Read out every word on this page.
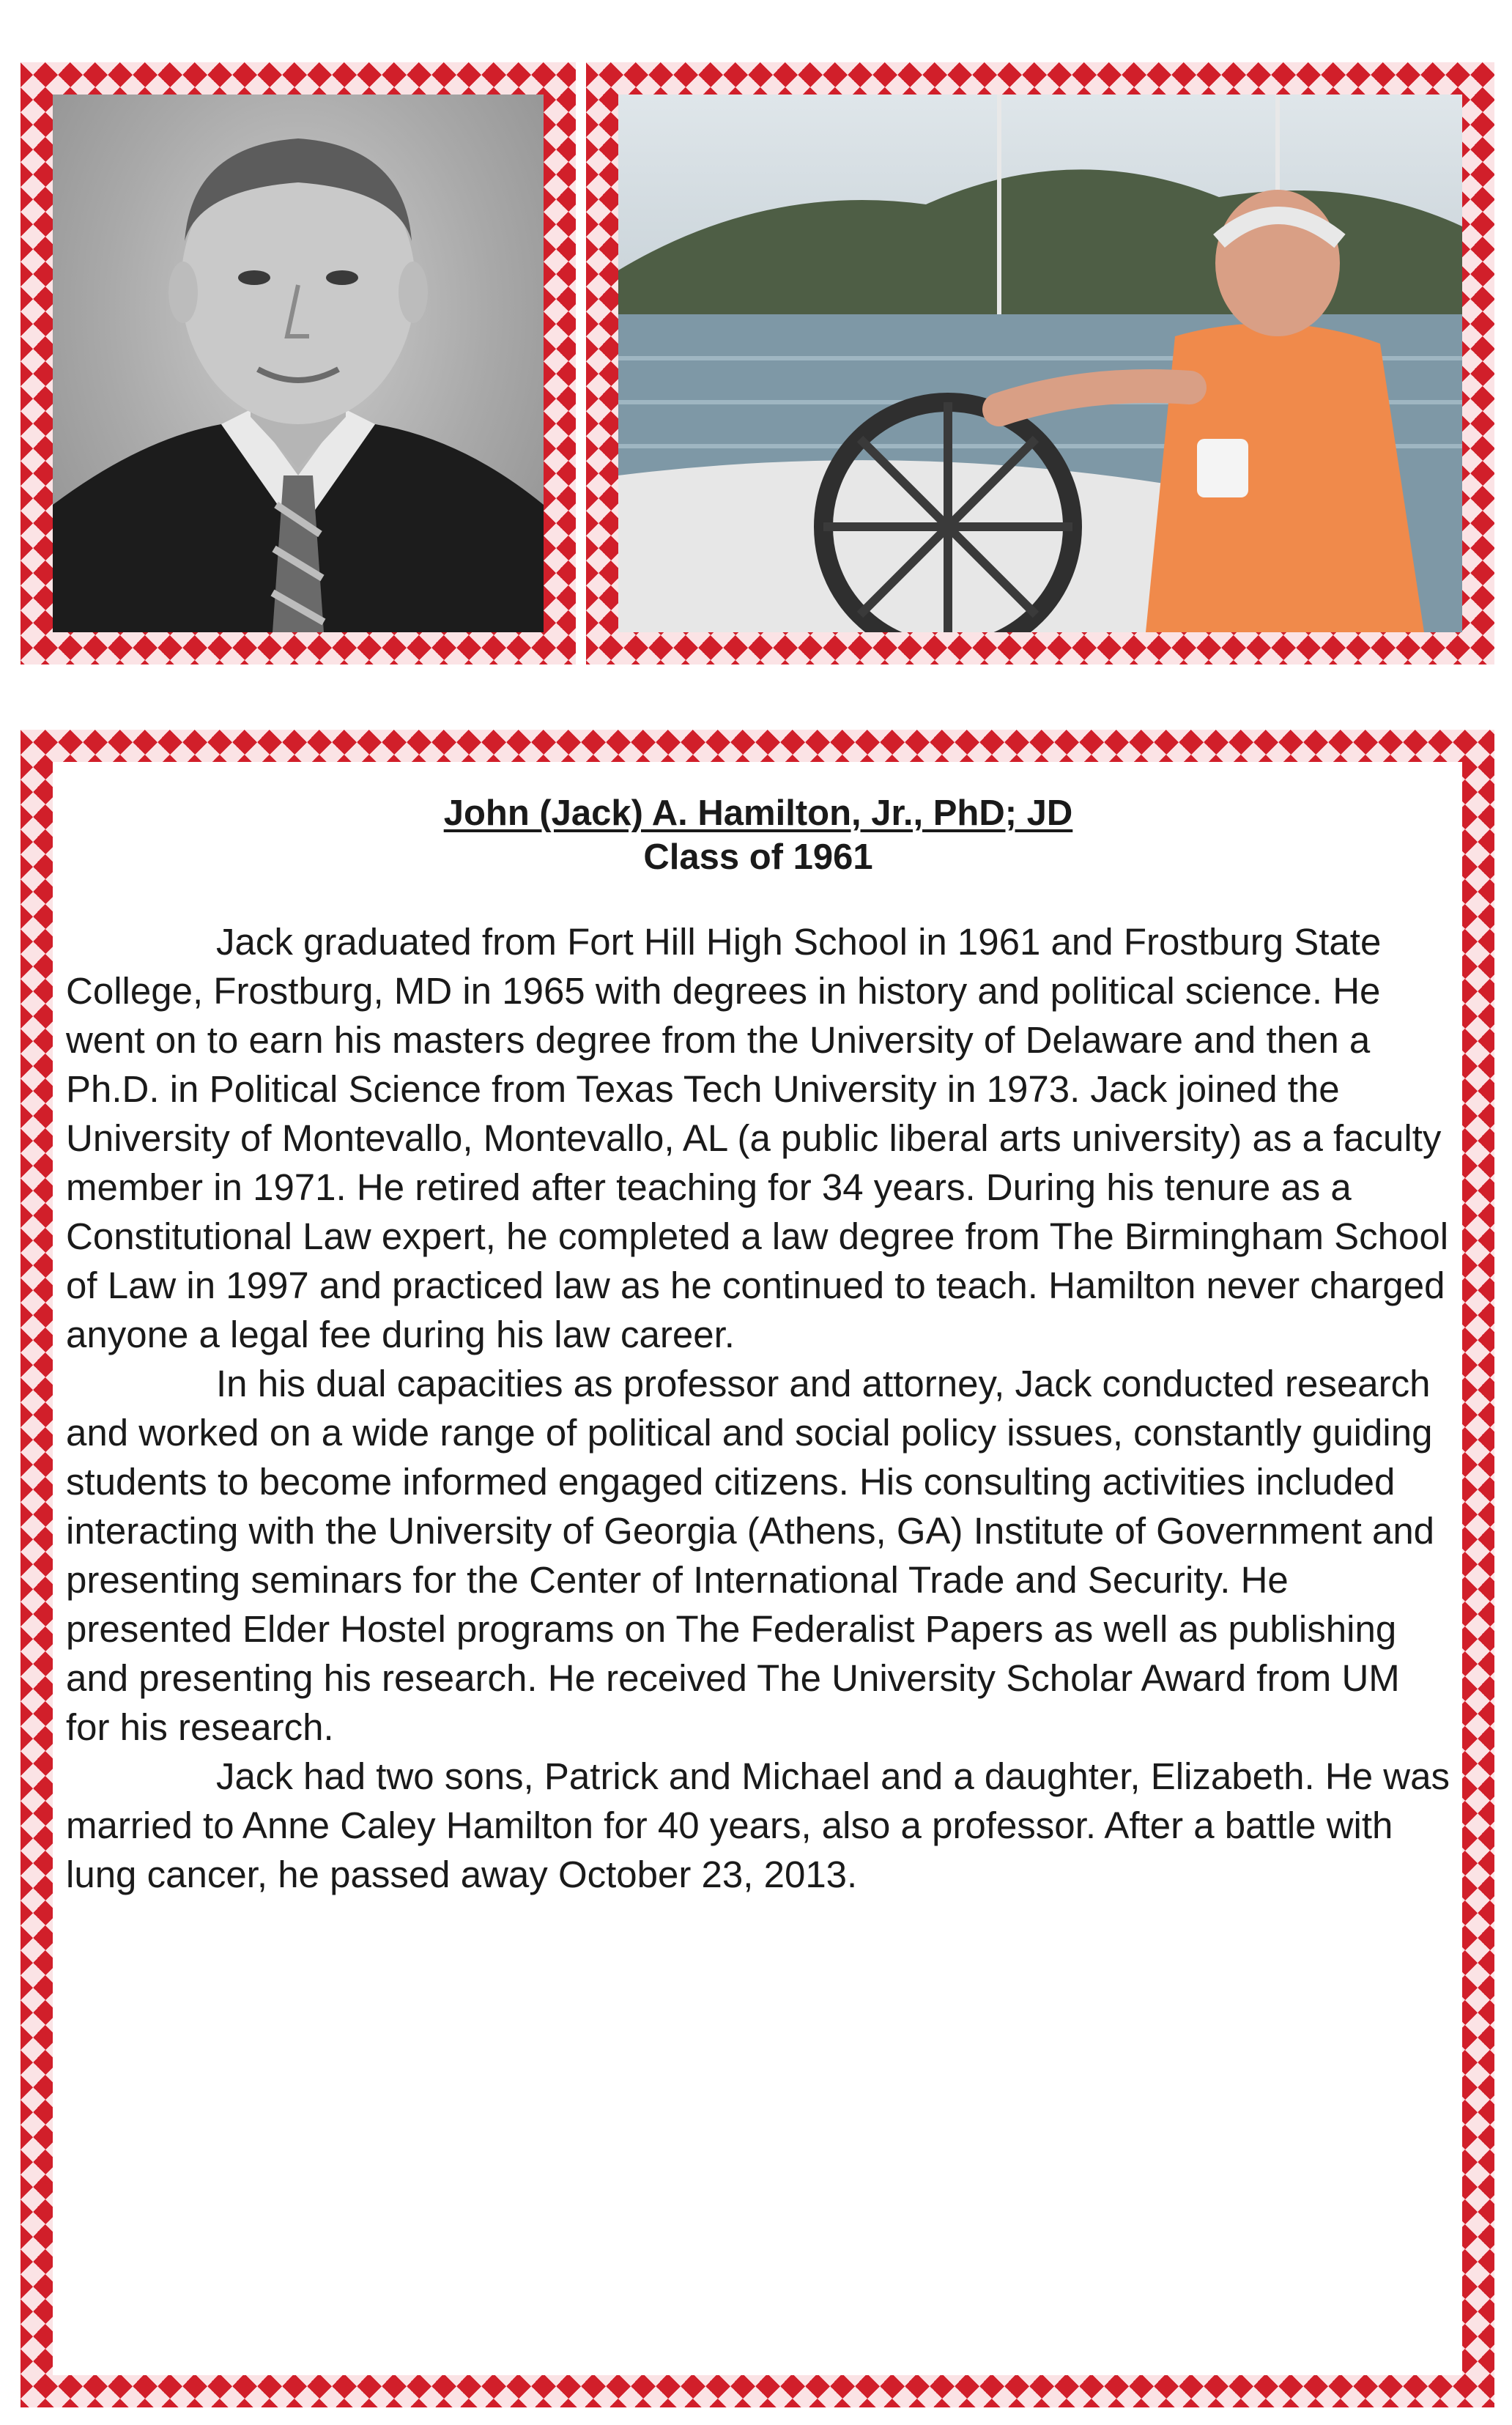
John (Jack) A. Hamilton, Jr., PhD; JD
Class of 1961

Jack graduated from Fort Hill High School in 1961 and Frostburg State College, Frostburg, MD in 1965 with degrees in history and political science. He went on to earn his masters degree from the University of Delaware and then a Ph.D. in Political Science from Texas Tech University in 1973. Jack joined the University of Montevallo, Montevallo, AL (a public liberal arts university) as a faculty member in 1971. He retired after teaching for 34 years. During his tenure as a Constitutional Law expert, he completed a law degree from The Birmingham School of Law in 1997 and practiced law as he continued to teach. Hamilton never charged anyone a legal fee during his law career.

In his dual capacities as professor and attorney, Jack conducted research and worked on a wide range of political and social policy issues, constantly guiding students to become informed engaged citizens. His consulting activities included interacting with the University of Georgia (Athens, GA) Institute of Government and presenting seminars for the Center of International Trade and Security. He presented Elder Hostel programs on The Federalist Papers as well as publishing and presenting his research. He received The University Scholar Award from UM for his research.

Jack had two sons, Patrick and Michael and a daughter, Elizabeth. He was married to Anne Caley Hamilton for 40 years, also a professor. After a battle with lung cancer, he passed away October 23, 2013.
